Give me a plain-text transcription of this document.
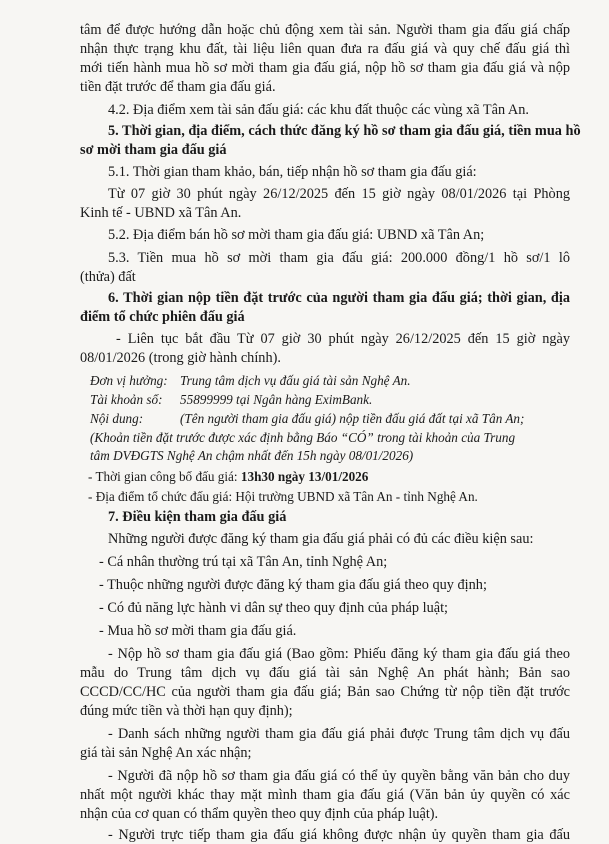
tâm để được hướng dẫn hoặc chủ động xem tài sản. Người tham gia đấu giá chấp
nhận thực trạng khu đất, tài liệu liên quan đưa ra đấu giá và quy chế đấu giá thì
mới tiến hành mua hồ sơ mời tham gia đấu giá, nộp hồ sơ tham gia đấu giá và nộp
tiền đặt trước để tham gia đấu giá.
4.2. Địa điểm xem tài sản đấu giá: các khu đất thuộc các vùng xã Tân An.
5. Thời gian, địa điểm, cách thức đăng ký hồ sơ tham gia đấu giá, tiền mua hồ
sơ mời tham gia đấu giá
5.1. Thời gian tham khảo, bán, tiếp nhận hồ sơ tham gia đấu giá:
Từ 07 giờ 30 phút ngày 26/12/2025 đến 15 giờ ngày 08/01/2026 tại Phòng
Kinh tế - UBND xã Tân An.
5.2. Địa điểm bán hồ sơ mời tham gia đấu giá: UBND xã Tân An;
5.3. Tiền mua hồ sơ mời tham gia đấu giá: 200.000 đồng/1 hồ sơ/1 lô
(thửa) đất
6. Thời gian nộp tiền đặt trước của người tham gia đấu giá; thời gian, địa
điểm tổ chức phiên đấu giá
- Liên tục bắt đầu Từ 07 giờ 30 phút ngày 26/12/2025 đến 15 giờ ngày
08/01/2026 (trong giờ hành chính).
Đơn vị hưởng: Trung tâm dịch vụ đấu giá tài sản Nghệ An.
Tài khoản số: 55899999 tại Ngân hàng EximBank.
Nội dung:	(Tên người tham gia đấu giá) nộp tiền đấu giá đất tại xã Tân An;
(Khoản tiền đặt trước được xác định bằng Báo “CÓ” trong tài khoản của Trung
tâm DVĐGTS Nghệ An chậm nhất đến 15h ngày 08/01/2026)
- Thời gian công bố đấu giá: 13h30 ngày 13/01/2026
- Địa điểm tổ chức đấu giá: Hội trường UBND xã Tân An - tỉnh Nghệ An.
7. Điều kiện tham gia đấu giá
Những người được đăng ký tham gia đấu giá phải có đủ các điều kiện sau:
- Cá nhân thường trú tại xã Tân An, tỉnh Nghệ An;
- Thuộc những người được đăng ký tham gia đấu giá theo quy định;
- Có đủ năng lực hành vi dân sự theo quy định của pháp luật;
- Mua hồ sơ mời tham gia đấu giá.
- Nộp hồ sơ tham gia đấu giá (Bao gồm: Phiếu đăng ký tham gia đấu giá theo
mẫu do Trung tâm dịch vụ đấu giá tài sản Nghệ An phát hành; Bản sao
CCCD/CC/HC của người tham gia đấu giá; Bản sao Chứng từ nộp tiền đặt trước
đúng mức tiền và thời hạn quy định);
- Danh sách những người tham gia đấu giá phải được Trung tâm dịch vụ đấu
giá tài sản Nghệ An xác nhận;
- Người đã nộp hồ sơ tham gia đấu giá có thể ủy quyền bằng văn bản cho duy
nhất một người khác thay mặt mình tham gia đấu giá (Văn bản ủy quyền có xác
nhận của cơ quan có thẩm quyền theo quy định của pháp luật).
- Người trực tiếp tham gia đấu giá không được nhận ủy quyền tham gia đấu
